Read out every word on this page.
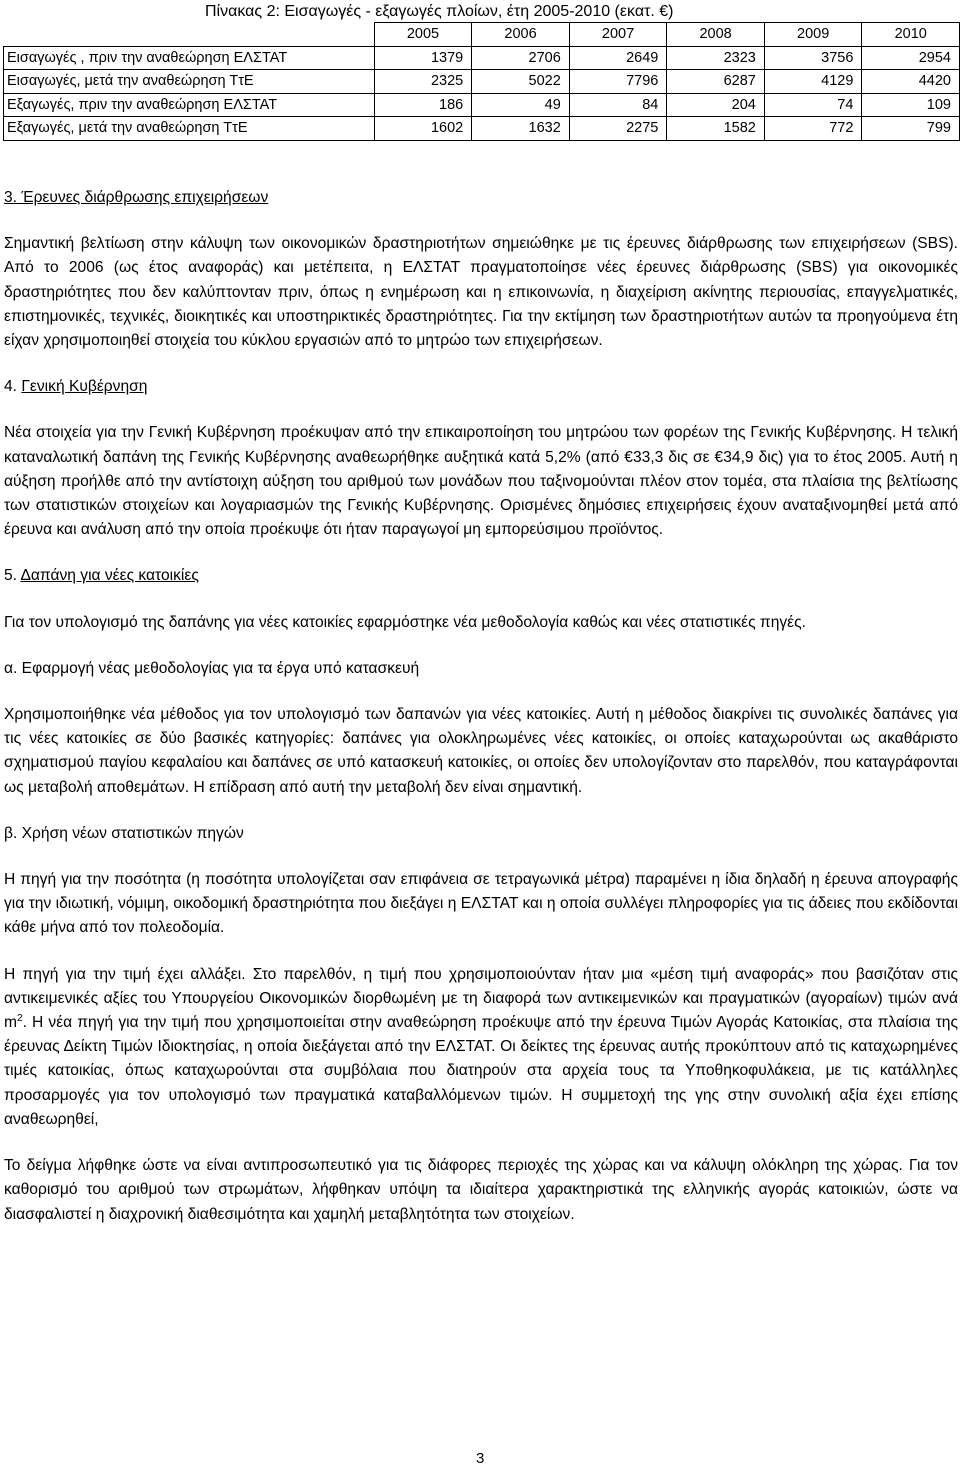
Πίνακας 2: Εισαγωγές - εξαγωγές πλοίων, έτη 2005-2010 (εκατ. €)
	2005	2006	2007	2008	2009	2010
Εισαγωγές , πριν την αναθεώρηση ΕΛΣΤΑΤ	1379	2706	2649	2323	3756	2954
Εισαγωγές, μετά την αναθεώρηση ΤτΕ	2325	5022	7796	6287	4129	4420
Εξαγωγές, πριν την αναθεώρηση ΕΛΣΤΑΤ	186	49	84	204	74	109
Εξαγωγές, μετά την αναθεώρηση ΤτΕ	1602	1632	2275	1582	772	799
3. Έρευνες διάρθρωσης επιχειρήσεων
Σημαντική βελτίωση στην κάλυψη των οικονομικών δραστηριοτήτων σημειώθηκε με τις έρευνες διάρθρωσης των επιχειρήσεων (SBS). Από το 2006 (ως έτος αναφοράς) και μετέπειτα, η ΕΛΣΤΑΤ πραγματοποίησε νέες έρευνες διάρθρωσης (SBS) για οικονομικές δραστηριότητες που δεν καλύπτονταν πριν, όπως η ενημέρωση και η επικοινωνία, η διαχείριση ακίνητης περιουσίας, επαγγελματικές, επιστημονικές, τεχνικές, διοικητικές και υποστηρικτικές δραστηριότητες. Για την εκτίμηση των δραστηριοτήτων αυτών τα προηγούμενα έτη είχαν χρησιμοποιηθεί στοιχεία του κύκλου εργασιών από το μητρώο των επιχειρήσεων.
4. Γενική Κυβέρνηση
Νέα στοιχεία για την Γενική Κυβέρνηση προέκυψαν από την επικαιροποίηση του μητρώου των φορέων της Γενικής Κυβέρνησης. Η τελική καταναλωτική δαπάνη της Γενικής Κυβέρνησης αναθεωρήθηκε αυξητικά κατά 5,2% (από €33,3 δις σε €34,9 δις) για το έτος 2005. Αυτή η αύξηση προήλθε από την αντίστοιχη αύξηση του αριθμού των μονάδων που ταξινομούνται πλέον στον τομέα, στα πλαίσια της βελτίωσης των στατιστικών στοιχείων και λογαριασμών της Γενικής Κυβέρνησης. Ορισμένες δημόσιες επιχειρήσεις έχουν αναταξινομηθεί μετά από έρευνα και ανάλυση από την οποία προέκυψε ότι ήταν παραγωγοί μη εμπορεύσιμου προϊόντος.
5. Δαπάνη για νέες κατοικίες
Για τον υπολογισμό της δαπάνης για νέες κατοικίες εφαρμόστηκε νέα μεθοδολογία καθώς και νέες στατιστικές πηγές.
α. Εφαρμογή νέας μεθοδολογίας για τα έργα υπό κατασκευή
Χρησιμοποιήθηκε νέα μέθοδος για τον υπολογισμό των δαπανών για νέες κατοικίες. Αυτή η μέθοδος διακρίνει τις συνολικές δαπάνες για τις νέες κατοικίες σε δύο βασικές κατηγορίες: δαπάνες για ολοκληρωμένες νέες κατοικίες, οι οποίες καταχωρούνται ως ακαθάριστο σχηματισμού παγίου κεφαλαίου και δαπάνες σε υπό κατασκευή κατοικίες, οι οποίες δεν υπολογίζονταν στο παρελθόν, που καταγράφονται ως μεταβολή αποθεμάτων. Η επίδραση από αυτή την μεταβολή δεν είναι σημαντική.
β. Χρήση νέων στατιστικών πηγών
Η πηγή για την ποσότητα (η ποσότητα υπολογίζεται σαν επιφάνεια σε τετραγωνικά μέτρα) παραμένει η ίδια δηλαδή η έρευνα απογραφής για την ιδιωτική, νόμιμη, οικοδομική δραστηριότητα που διεξάγει η ΕΛΣΤΑΤ και η οποία συλλέγει πληροφορίες για τις άδειες που εκδίδονται κάθε μήνα από τον πολεοδομία.
Η πηγή για την τιμή έχει αλλάξει. Στο παρελθόν, η τιμή που χρησιμοποιούνταν ήταν μια «μέση τιμή αναφοράς» που βασιζόταν στις αντικειμενικές αξίες του Υπουργείου Οικονομικών διορθωμένη με τη διαφορά των αντικειμενικών και πραγματικών (αγοραίων) τιμών ανά $m^2$. Η νέα πηγή για την τιμή που χρησιμοποιείται στην αναθεώρηση προέκυψε από την έρευνα Τιμών Αγοράς Κατοικίας, στα πλαίσια της έρευνας Δείκτη Τιμών Ιδιοκτησίας, η οποία διεξάγεται από την ΕΛΣΤΑΤ. Οι δείκτες της έρευνας αυτής προκύπτουν από τις καταχωρημένες τιμές κατοικίας, όπως καταχωρούνται στα συμβόλαια που διατηρούν στα αρχεία τους τα Υποθηκοφυλάκεια, με τις κατάλληλες προσαρμογές για τον υπολογισμό των πραγματικά καταβαλλόμενων τιμών. Η συμμετοχή της γης στην συνολική αξία έχει επίσης αναθεωρηθεί,
Το δείγμα λήφθηκε ώστε να είναι αντιπροσωπευτικό για τις διάφορες περιοχές της χώρας και να κάλυψη ολόκληρη της χώρας. Για τον καθορισμό του αριθμού των στρωμάτων, λήφθηκαν υπόψη τα ιδιαίτερα χαρακτηριστικά της ελληνικής αγοράς κατοικιών, ώστε να διασφαλιστεί η διαχρονική διαθεσιμότητα και χαμηλή μεταβλητότητα των στοιχείων.
3
